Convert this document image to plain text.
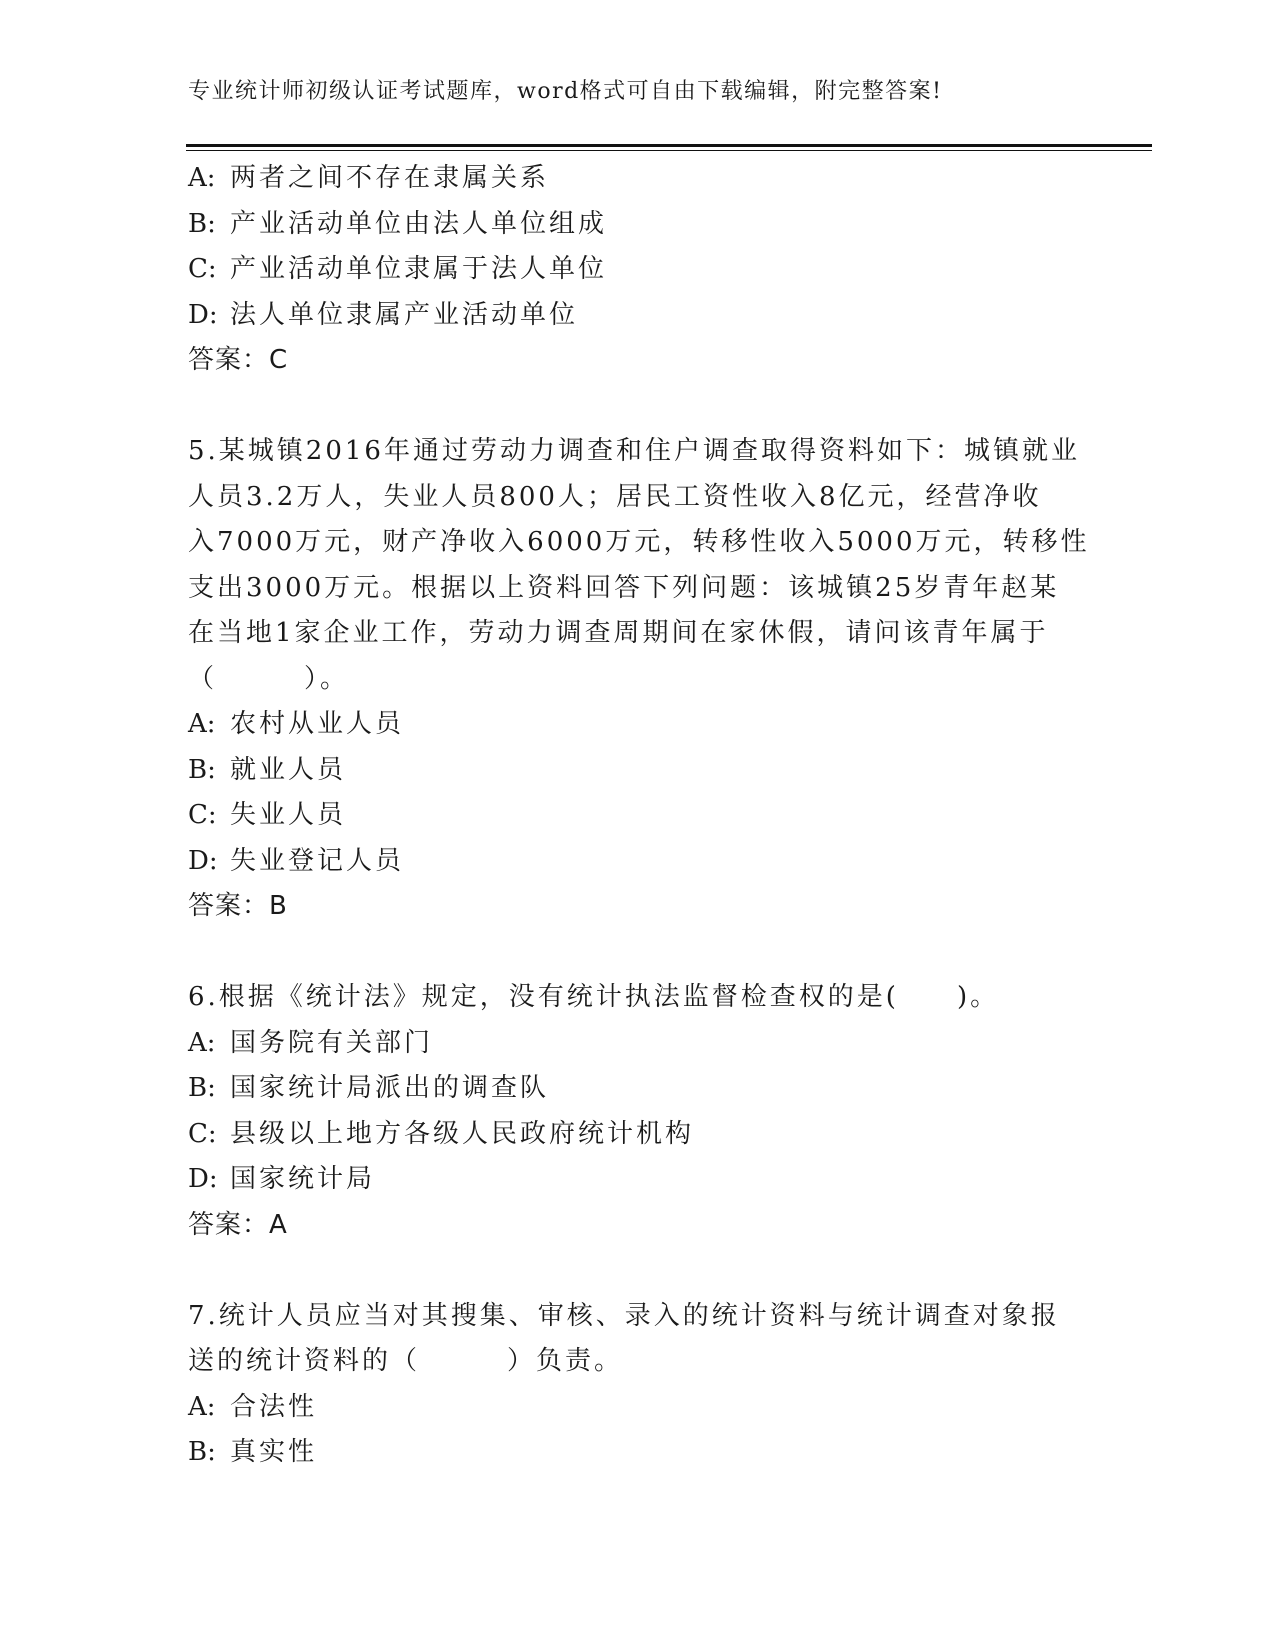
专业统计师初级认证考试题库，word格式可自由下载编辑，附完整答案!
A: 两者之间不存在隶属关系
B: 产业活动单位由法人单位组成
C: 产业活动单位隶属于法人单位
D: 法人单位隶属产业活动单位
答案：C
5.某城镇2016年通过劳动力调查和住户调查取得资料如下：城镇就业
人员3.2万人，失业人员800人；居民工资性收入8亿元，经营净收
入7000万元，财产净收入6000万元，转移性收入5000万元，转移性
支出3000万元。根据以上资料回答下列问题：该城镇25岁青年赵某
在当地1家企业工作，劳动力调查周期间在家休假，请问该青年属于
（　　　）。
A: 农村从业人员
B: 就业人员
C: 失业人员
D: 失业登记人员
答案：B
6.根据《统计法》规定，没有统计执法监督检查权的是(　　)。
A: 国务院有关部门
B: 国家统计局派出的调查队
C: 县级以上地方各级人民政府统计机构
D: 国家统计局
答案：A
7.统计人员应当对其搜集、审核、录入的统计资料与统计调查对象报
送的统计资料的（　　　）负责。
A: 合法性
B: 真实性
